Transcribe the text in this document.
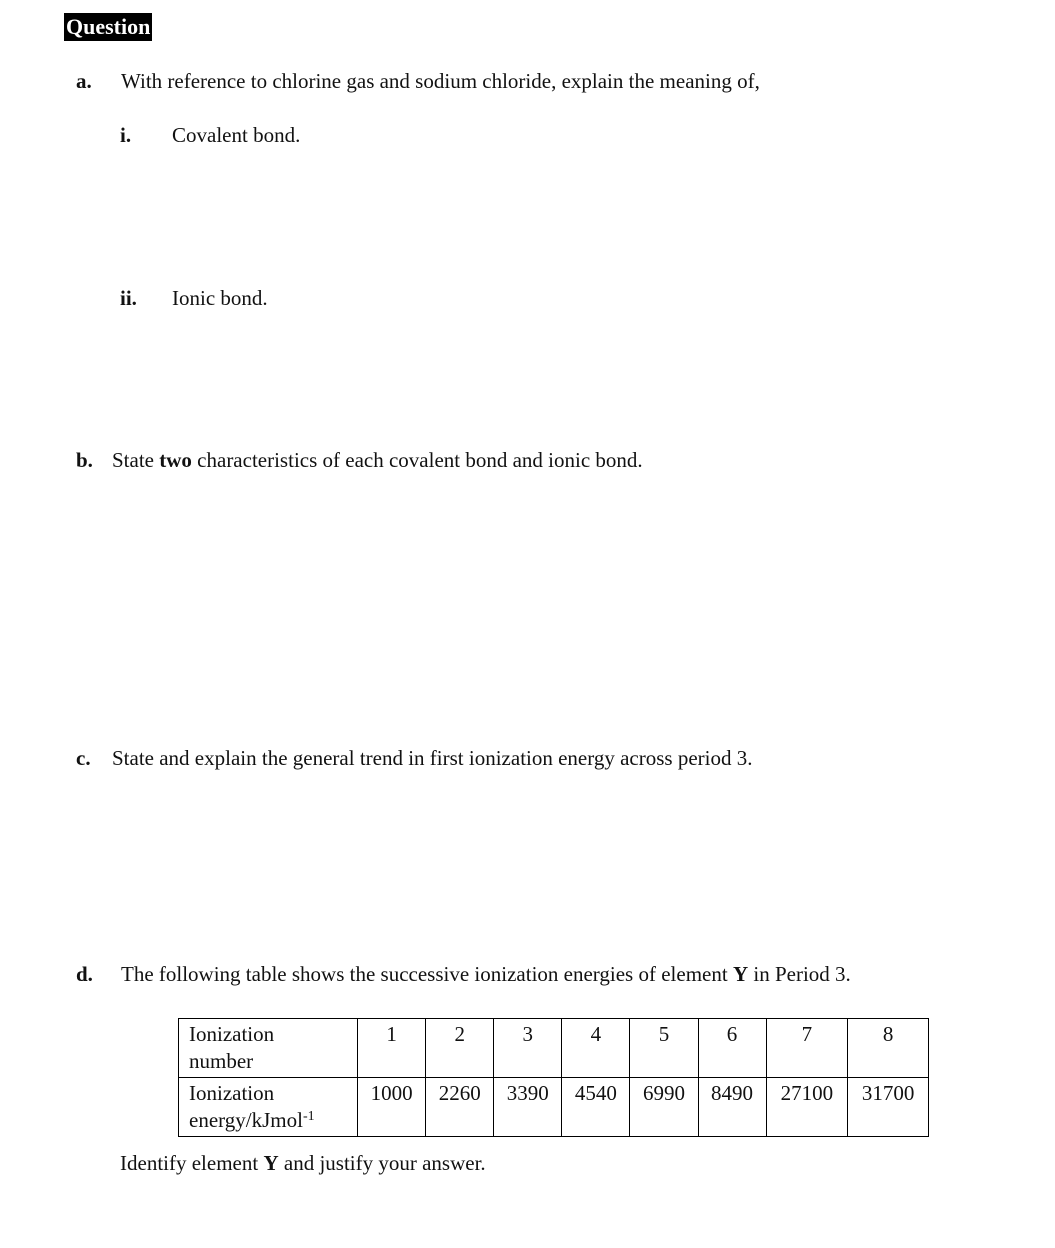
Question
a. With reference to chlorine gas and sodium chloride, explain the meaning of,
i. Covalent bond.
ii. Ionic bond.
b. State two characteristics of each covalent bond and ionic bond.
c. State and explain the general trend in first ionization energy across period 3.
d. The following table shows the successive ionization energies of element Y in Period 3.
Ionization
number	1	2	3	4	5	6	7	8
Ionization
energy/kJmol$^{-1}$	1000	2260	3390	4540	6990	8490	27100	31700
Identify element Y and justify your answer.
